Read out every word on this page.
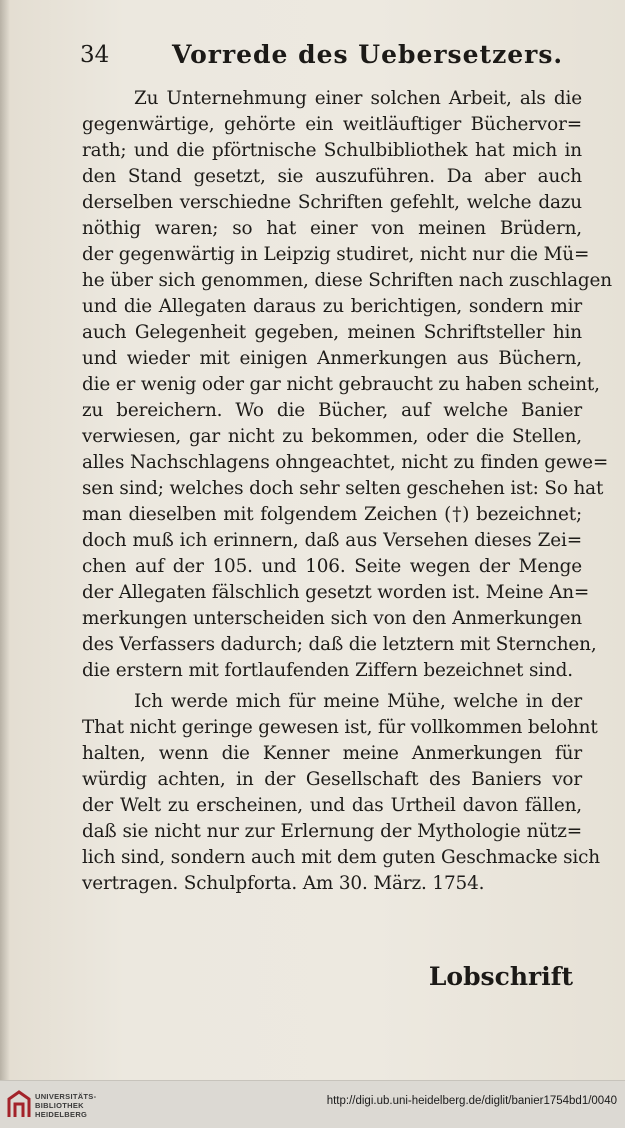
34	Vorrede des Uebersetzers.
Zu Unternehmung einer solchen Arbeit, als die
gegenwärtige, gehörte ein weitläuftiger Büchervor=
rath; und die pförtnische Schulbibliothek hat mich in
den Stand gesetzt, sie auszuführen. Da aber auch
derselben verschiedne Schriften gefehlt, welche dazu
nöthig waren; so hat einer von meinen Brüdern,
der gegenwärtig in Leipzig studiret, nicht nur die Mü=
he über sich genommen, diese Schriften nach zuschlagen
und die Allegaten daraus zu berichtigen, sondern mir
auch Gelegenheit gegeben, meinen Schriftsteller hin
und wieder mit einigen Anmerkungen aus Büchern,
die er wenig oder gar nicht gebraucht zu haben scheint,
zu bereichern. Wo die Bücher, auf welche Banier
verwiesen, gar nicht zu bekommen, oder die Stellen,
alles Nachschlagens ohngeachtet, nicht zu finden gewe=
sen sind; welches doch sehr selten geschehen ist: So hat
man dieselben mit folgendem Zeichen (†) bezeichnet;
doch muß ich erinnern, daß aus Versehen dieses Zei=
chen auf der 105. und 106. Seite wegen der Menge
der Allegaten fälschlich gesetzt worden ist. Meine An=
merkungen unterscheiden sich von den Anmerkungen
des Verfassers dadurch; daß die letztern mit Sternchen,
die erstern mit fortlaufenden Ziffern bezeichnet sind.
Ich werde mich für meine Mühe, welche in der
That nicht geringe gewesen ist, für vollkommen belohnt
halten, wenn die Kenner meine Anmerkungen für
würdig achten, in der Gesellschaft des Baniers vor
der Welt zu erscheinen, und das Urtheil davon fällen,
daß sie nicht nur zur Erlernung der Mythologie nütz=
lich sind, sondern auch mit dem guten Geschmacke sich
vertragen. Schulpforta. Am 30. März. 1754.
Lobschrift
UNIVERSITÄTS-
BIBLIOTHEK
HEIDELBERG
http://digi.ub.uni-heidelberg.de/diglit/banier1754bd1/0040
